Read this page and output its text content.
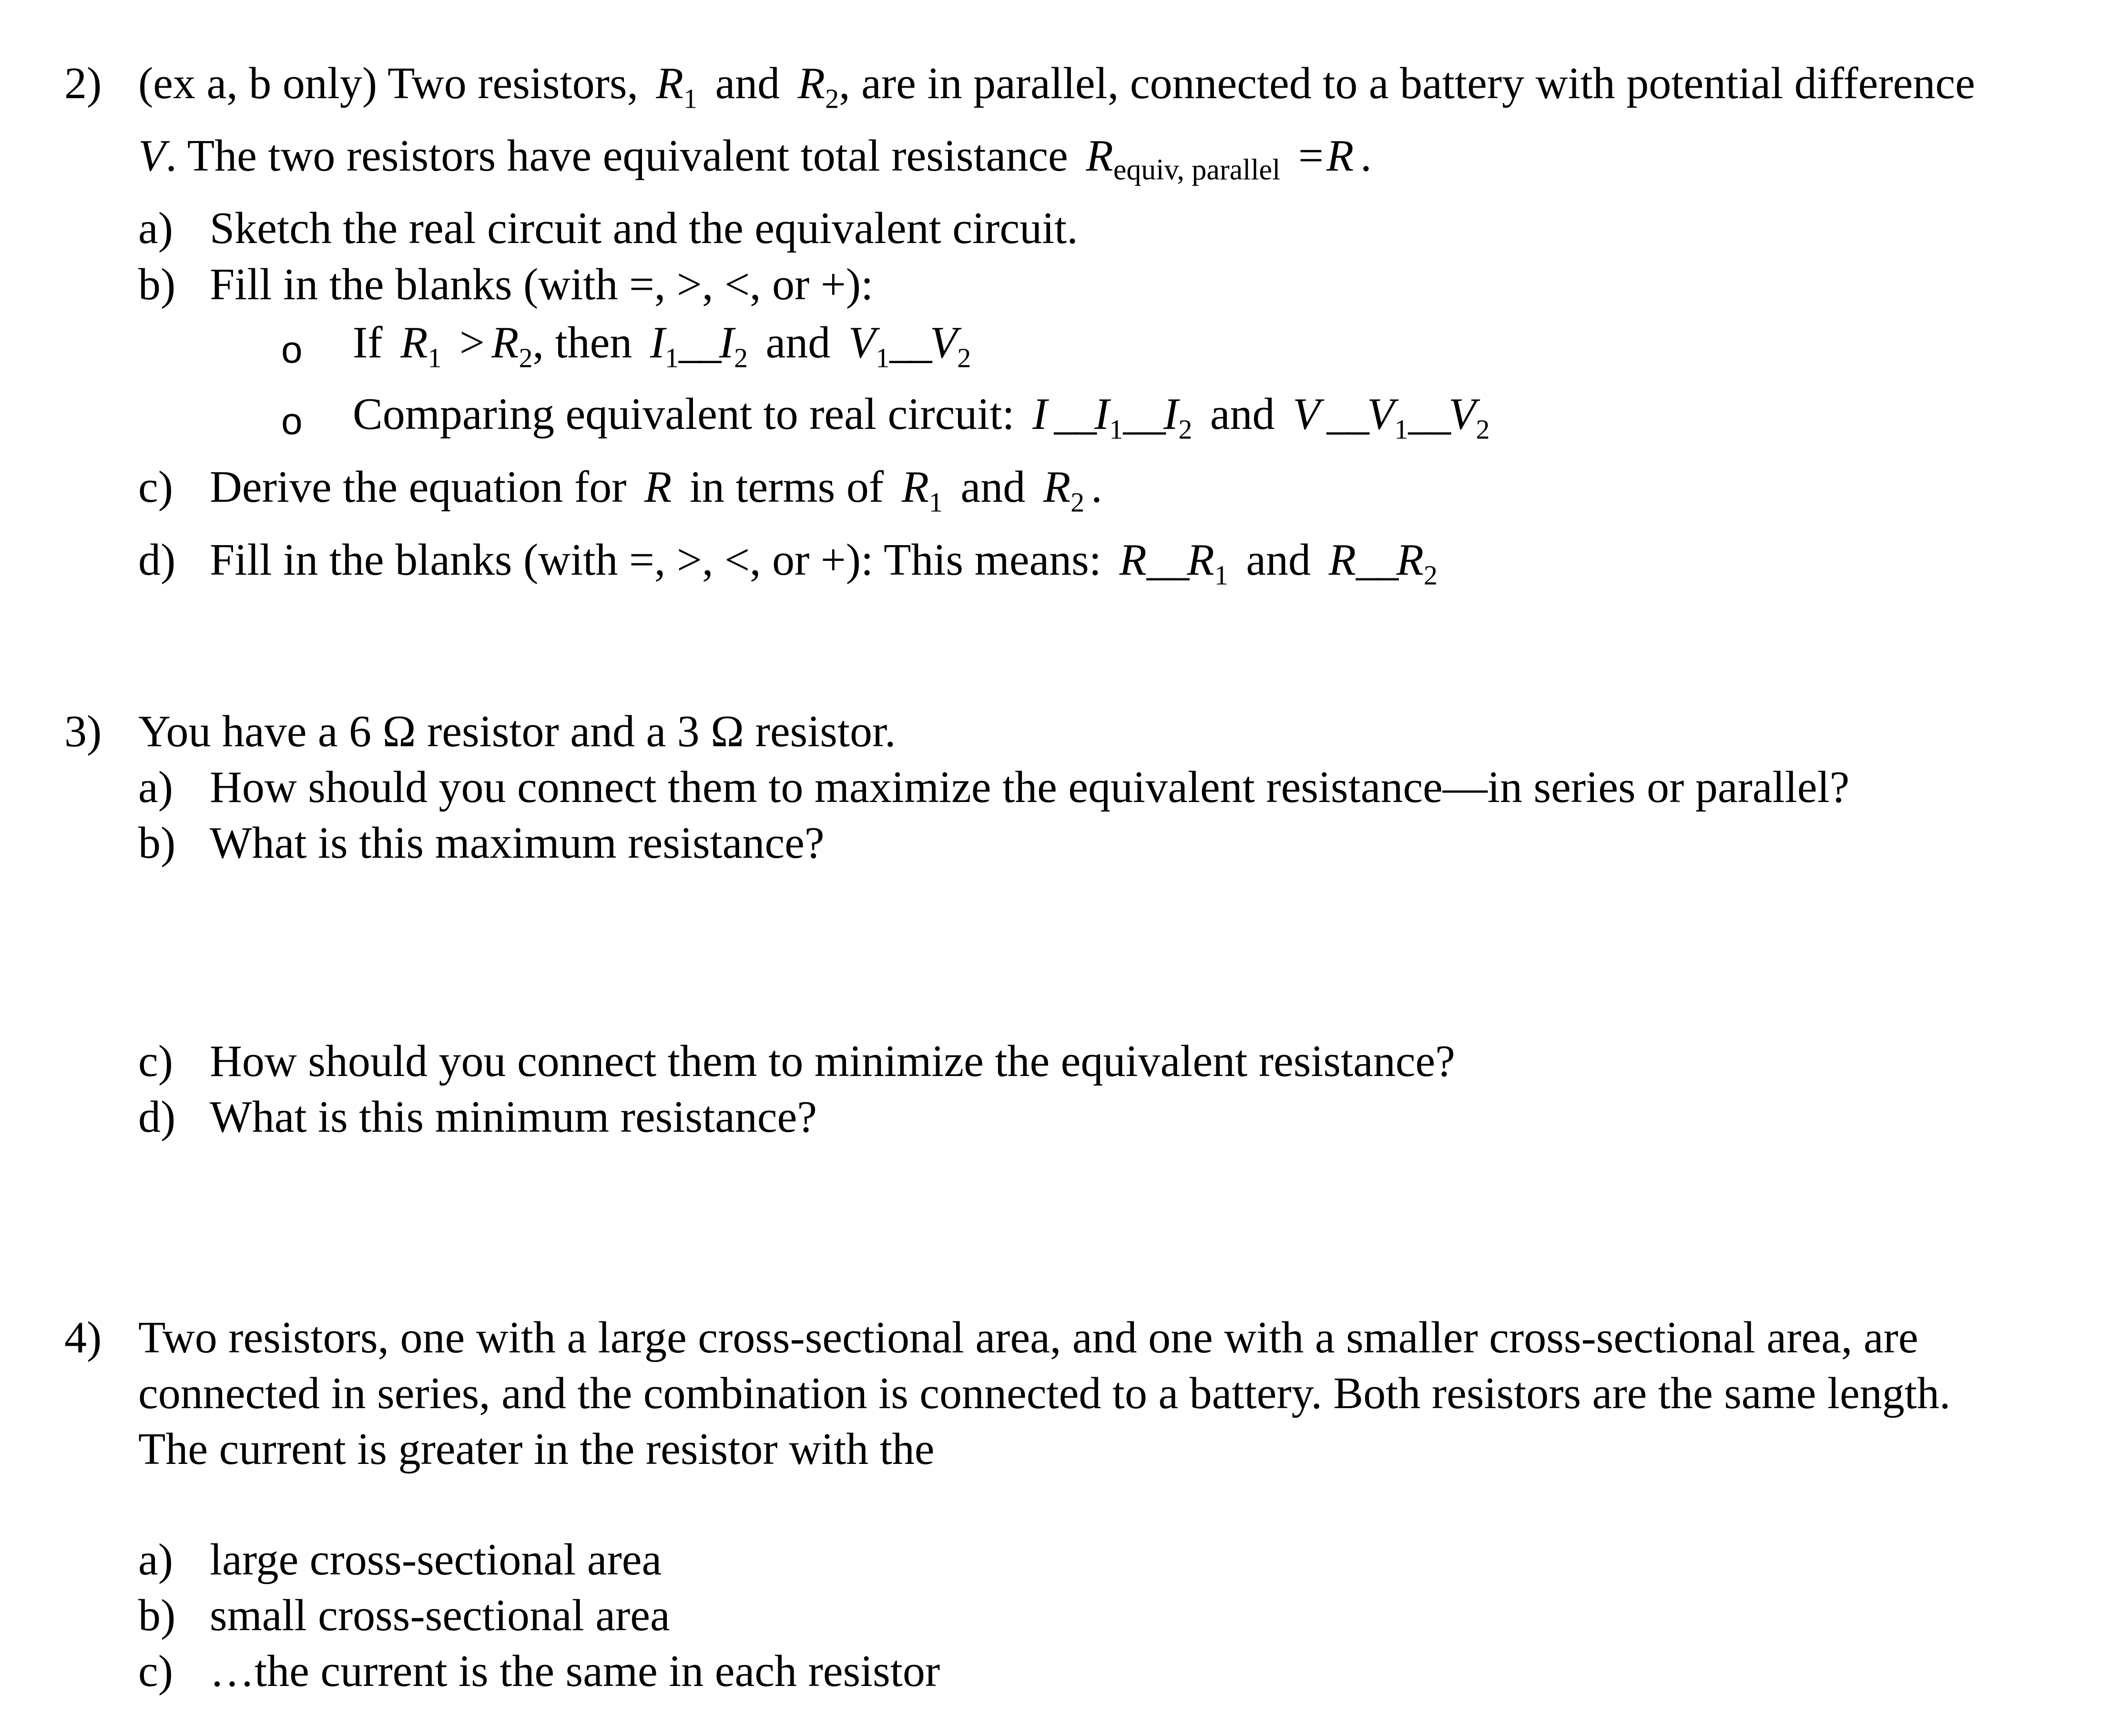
2) (ex a, b only) Two resistors, $R_1$ and $R_2$, are in parallel, connected to a battery with potential difference
V. The two resistors have equivalent total resistance Requiv, parallel =R .
a) Sketch the real circuit and the equivalent circuit.
b) Fill in the blanks (with =, >, <, or +):
o If $R_1 > R_2$, then $I_1\_\_I_2$ and $V_1\_\_V_2$
o Comparing equivalent to real circuit: I $\_\_I_1\_\_I_2$ and V $\_\_V_1\_\_V_2$
c) Derive the equation for R in terms of $R_1$ and $R_2$ .
d) Fill in the blanks (with =, >, <, or +): This means: $R\_\_R_1$ and $R\_\_R_2$
3) You have a 6 Ω resistor and a 3 Ω resistor.
a) How should you connect them to maximize the equivalent resistance—in series or parallel?
b) What is this maximum resistance?
c) How should you connect them to minimize the equivalent resistance?
d) What is this minimum resistance?
4) Two resistors, one with a large cross-sectional area, and one with a smaller cross-sectional area, are
connected in series, and the combination is connected to a battery. Both resistors are the same length.
The current is greater in the resistor with the
a) large cross-sectional area
b) small cross-sectional area
c) …the current is the same in each resistor
